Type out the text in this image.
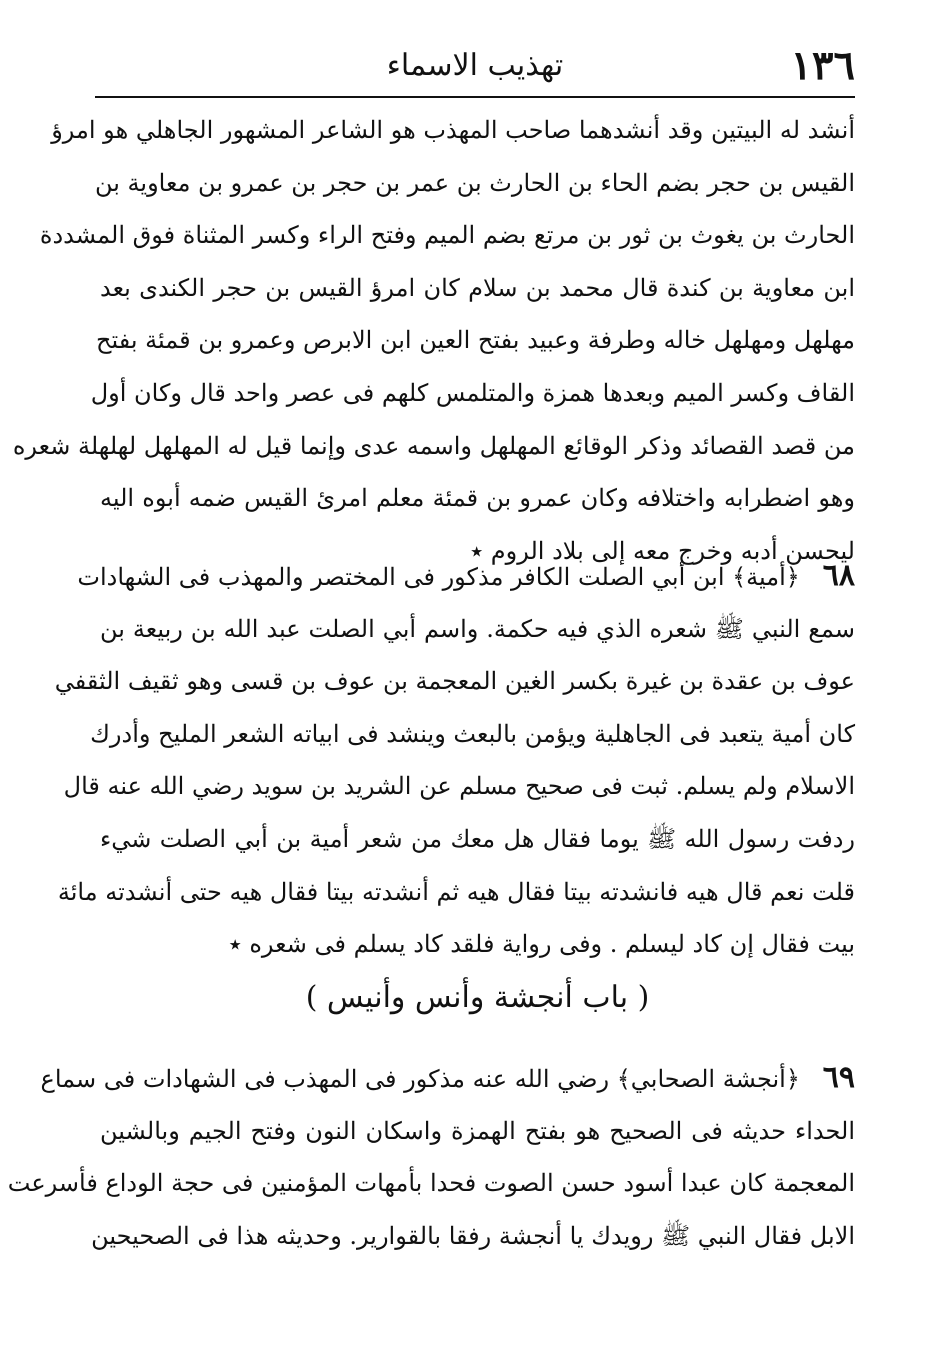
١٣٦
تهذيب الاسماء
أنشد له البيتين وقد أنشدهما صاحب المهذب هو الشاعر المشهور الجاهلي هو امرؤ
القيس بن حجر بضم الحاء بن الحارث بن عمر بن حجر بن عمرو بن معاوية بن
الحارث بن يغوث بن ثور بن مرتع بضم الميم وفتح الراء وكسر المثناة فوق المشددة
ابن معاوية بن كندة قال محمد بن سلام كان امرؤ القيس بن حجر الكندى بعد
مهلهل ومهلهل خاله وطرفة وعبيد بفتح العين ابن الابرص وعمرو بن قمئة بفتح
القاف وكسر الميم وبعدها همزة والمتلمس كلهم فى عصر واحد قال وكان أول
من قصد القصائد وذكر الوقائع المهلهل واسمه عدى وإنما قيل له المهلهل لهلهلة شعره
وهو اضطرابه واختلافه وكان عمرو بن قمئة معلم امرئ القيس ضمه أبوه اليه
ليحسن أدبه وخرج معه إلى بلاد الروم ٭
٦٨   ﴿أمية﴾ ابن أبي الصلت الكافر مذكور فى المختصر والمهذب فى الشهادات
سمع النبي ﷺ شعره الذي فيه حكمة. واسم أبي الصلت عبد الله بن ربيعة بن
عوف بن عقدة بن غيرة بكسر الغين المعجمة بن عوف بن قسى وهو ثقيف الثقفي
كان أمية يتعبد فى الجاهلية ويؤمن بالبعث وينشد فى ابياته الشعر المليح وأدرك
الاسلام ولم يسلم. ثبت فى صحيح مسلم عن الشريد بن سويد رضي الله عنه قال
ردفت رسول الله ﷺ يوما فقال هل معك من شعر أمية بن أبي الصلت شيء
قلت نعم قال هيه فانشدته بيتا فقال هيه ثم أنشدته بيتا فقال هيه حتى أنشدته مائة
بيت فقال إن كاد ليسلم . وفى رواية فلقد كاد يسلم فى شعره ٭
( باب أنجشة وأنس وأنيس )
٦٩   ﴿أنجشة الصحابي﴾ رضي الله عنه مذكور فى المهذب فى الشهادات فى سماع
الحداء حديثه فى الصحيح هو بفتح الهمزة واسكان النون وفتح الجيم وبالشين
المعجمة كان عبدا أسود حسن الصوت فحدا بأمهات المؤمنين فى حجة الوداع فأسرعت
الابل فقال النبي ﷺ رويدك يا أنجشة رفقا بالقوارير. وحديثه هذا فى الصحيحين
